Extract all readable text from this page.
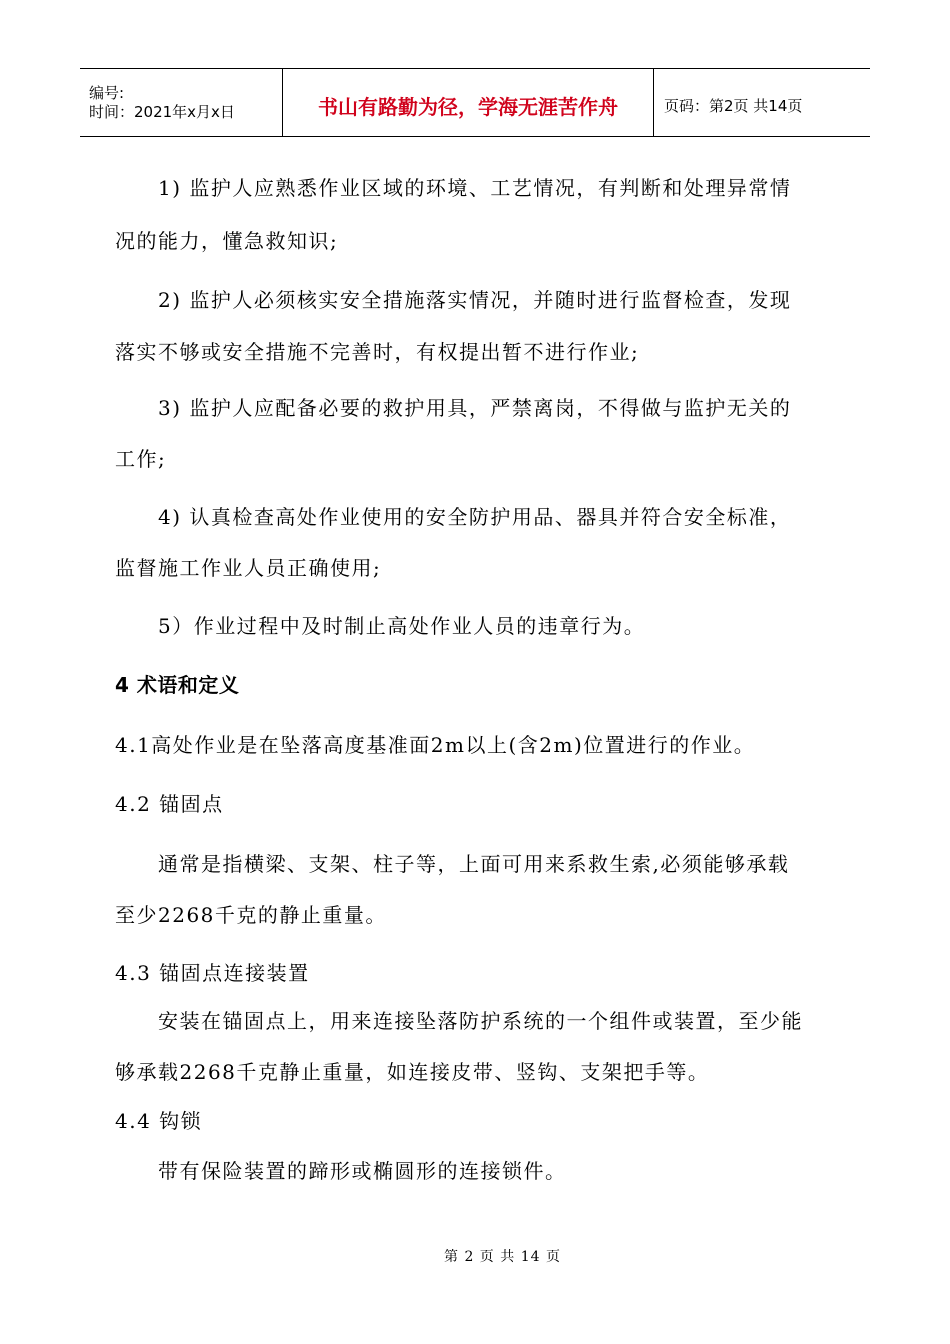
编号:
时间：2021年x月x日	书山有路勤为径，学海无涯苦作舟	页码：第2页 共14页
1) 监护人应熟悉作业区域的环境、工艺情况，有判断和处理异常情
况的能力，懂急救知识;
2) 监护人必须核实安全措施落实情况，并随时进行监督检查，发现
落实不够或安全措施不完善时，有权提出暂不进行作业;
3) 监护人应配备必要的救护用具，严禁离岗，不得做与监护无关的
工作;
4) 认真检查高处作业使用的安全防护用品、器具并符合安全标准，
监督施工作业人员正确使用;
5）作业过程中及时制止高处作业人员的违章行为。
4 术语和定义
4.1高处作业是在坠落高度基准面2m以上(含2m)位置进行的作业。
4.2 锚固点
通常是指横梁、支架、柱子等，上面可用来系救生索,必须能够承载
至少2268千克的静止重量。
4.3 锚固点连接装置
安装在锚固点上，用来连接坠落防护系统的一个组件或装置，至少能
够承载2268千克静止重量，如连接皮带、竖钩、支架把手等。
4.4 钩锁
带有保险装置的蹄形或椭圆形的连接锁件。
第 2 页 共 14 页
